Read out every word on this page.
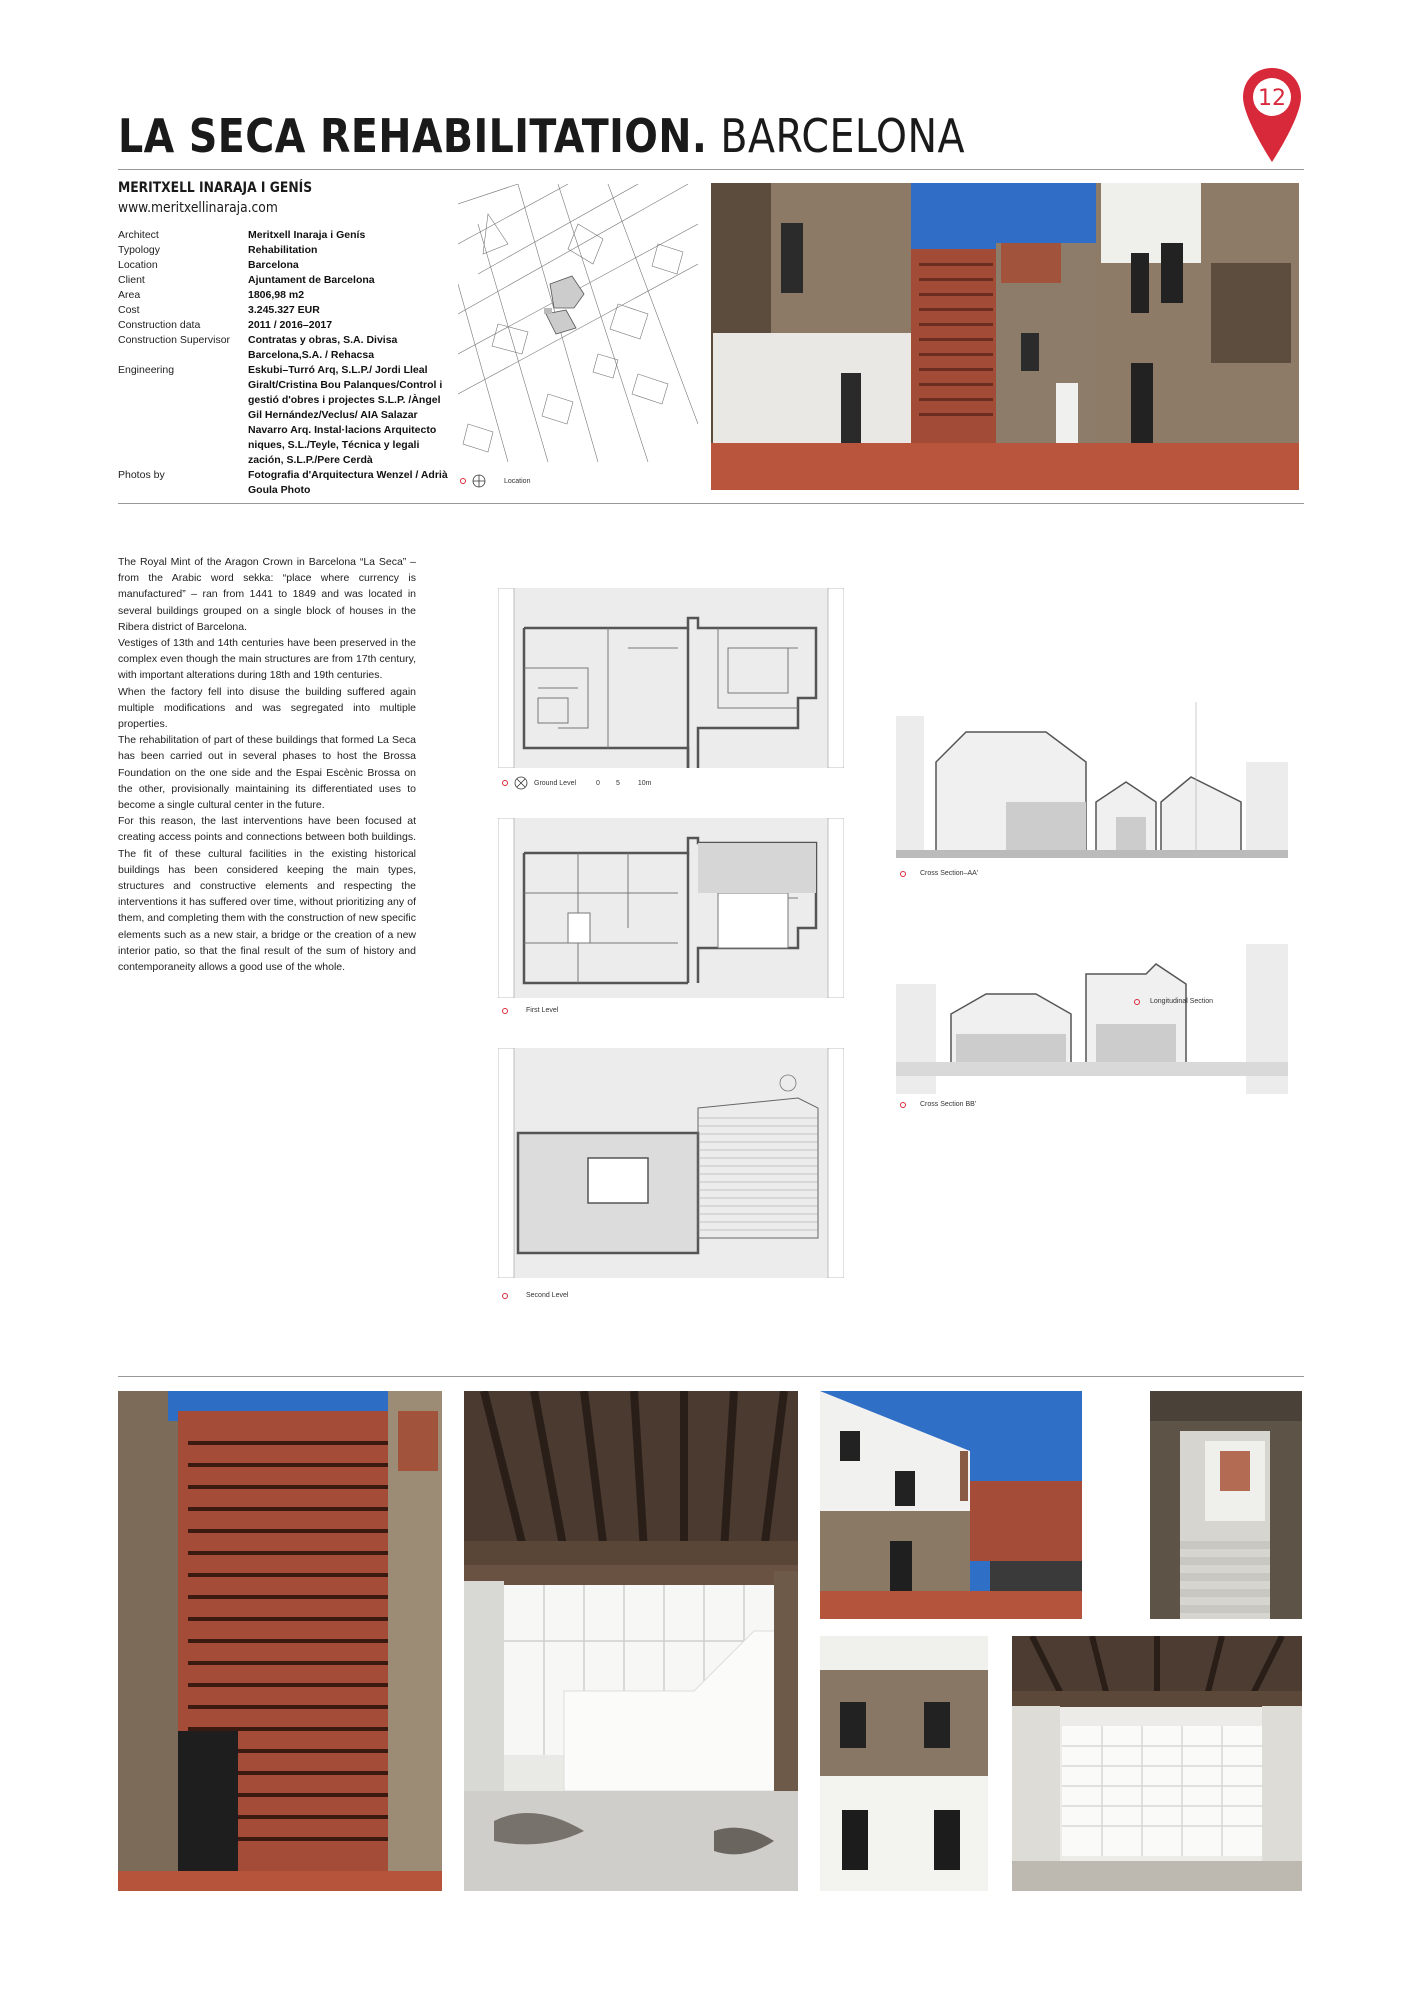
LA SECA REHABILITATION. BARCELONA
12
MERITXELL INARAJA I GENÍS
www.meritxellinaraja.com
Architect	Meritxell Inaraja i Genís
Typology	Rehabilitation
Location	Barcelona
Client	Ajuntament de Barcelona
Area	1806,98 m2
Cost	3.245.327 EUR
Construction data	2011 / 2016–2017
Construction Supervisor	Contratas y obras, S.A. Divisa Barcelona,S.A. / Rehacsa
Engineering	Eskubi–Turró Arq, S.L.P./ Jordi Lleal Giralt/Cristina Bou Palanques/Control i gestió d'obres i projectes S.L.P. /Àngel Gil Hernández/Veclus/ AIA Salazar Navarro Arq. Instal·lacions Arquitecto niques, S.L./Teyle, Técnica y legali zación, S.L.P./Pere Cerdà
Photos by	Fotografia d'Arquitectura Wenzel / Adrià Goula Photo
Location

The Royal Mint of the Aragon Crown in Barcelona “La Seca” – from the Arabic word sekka: “place where currency is manufactured” – ran from 1441 to 1849 and was located in several buildings grouped on a single block of houses in the Ribera district of Barcelona.

Vestiges of 13th and 14th centuries have been preserved in the complex even though the main structures are from 17th century, with important alterations during 18th and 19th centuries.

When the factory fell into disuse the building suffered again multiple modifications and was segregated into multiple properties.

The rehabilitation of part of these buildings that formed La Seca has been carried out in several phases to host the Brossa Foundation on the one side and the Espai Escènic Brossa on the other, provisionally maintaining its differentiated uses to become a single cultural center in the future.

For this reason, the last interventions have been focused at creating access points and connections between both buildings. The fit of these cultural facilities in the existing historical buildings has been considered keeping the main types, structures and constructive elements and respecting the interventions it has suffered over time, without prioritizing any of them, and completing them with the construction of new specific elements such as a new stair, a bridge or the creation of a new interior patio, so that the final result of the sum of history and contemporaneity allows a good use of the whole.

Ground Level	0 5	10m
First Level
Second Level
Cross Section–AA'
Longitudinal Section
Cross Section BB'
